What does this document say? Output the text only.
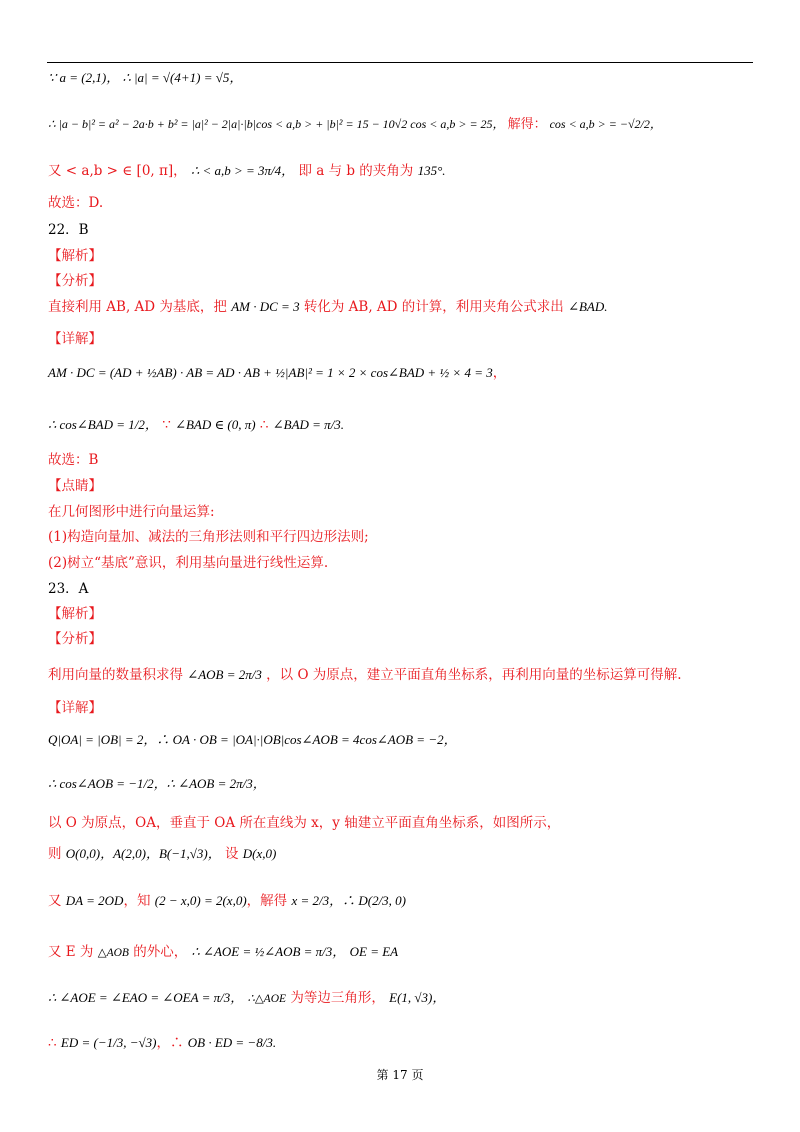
∵ a = (2,1)， ∴ |a| = √(4+1) = √5，
∴ |a − b|² = a² − 2a·b + b² = |a|² − 2|a|·|b|cos < a,b > + |b|² = 15 − 10√2 cos < a,b > = 25， 解得： cos < a,b > = −√2/2，
又 < a,b > ∈ [0, π]， ∴ < a,b > = 3π/4， 即 a 与 b 的夹角为 135°.
故选：D.
22．B
【解析】
【分析】
直接利用 AB, AD 为基底，把 AM · DC = 3 转化为 AB, AD 的计算，利用夹角公式求出 ∠BAD.
【详解】
AM · DC = (AD + ½AB) · AB = AD · AB + ½|AB|² = 1 × 2 × cos∠BAD + ½ × 4 = 3，
∴ cos∠BAD = 1/2， ∵ ∠BAD ∈ (0, π) ∴ ∠BAD = π/3.
故选：B
【点睛】
在几何图形中进行向量运算:
(1)构造向量加、减法的三角形法则和平行四边形法则;
(2)树立“基底”意识，利用基向量进行线性运算.
23．A
【解析】
【分析】
利用向量的数量积求得 ∠AOB = 2π/3 ，以 O 为原点，建立平面直角坐标系，再利用向量的坐标运算可得解.
【详解】
Q|OA| = |OB| = 2，∴ OA · OB = |OA|·|OB|cos∠AOB = 4cos∠AOB = −2，
∴ cos∠AOB = −1/2，∴ ∠AOB = 2π/3，
以 O 为原点，OA，垂直于 OA 所在直线为 x，y 轴建立平面直角坐标系，如图所示，
则 O(0,0)，A(2,0)，B(−1,√3)， 设 D(x,0)
又 DA = 2OD，知 (2 − x,0) = 2(x,0)，解得 x = 2/3，∴ D(2/3, 0)
又 E 为 △AOB 的外心， ∴ ∠AOE = ½∠AOB = π/3， OE = EA
∴ ∠AOE = ∠EAO = ∠OEA = π/3， ∴△AOE 为等边三角形， E(1, √3)，
∴ ED = (−1/3, −√3)，∴ OB · ED = −8/3.
第 17 页
